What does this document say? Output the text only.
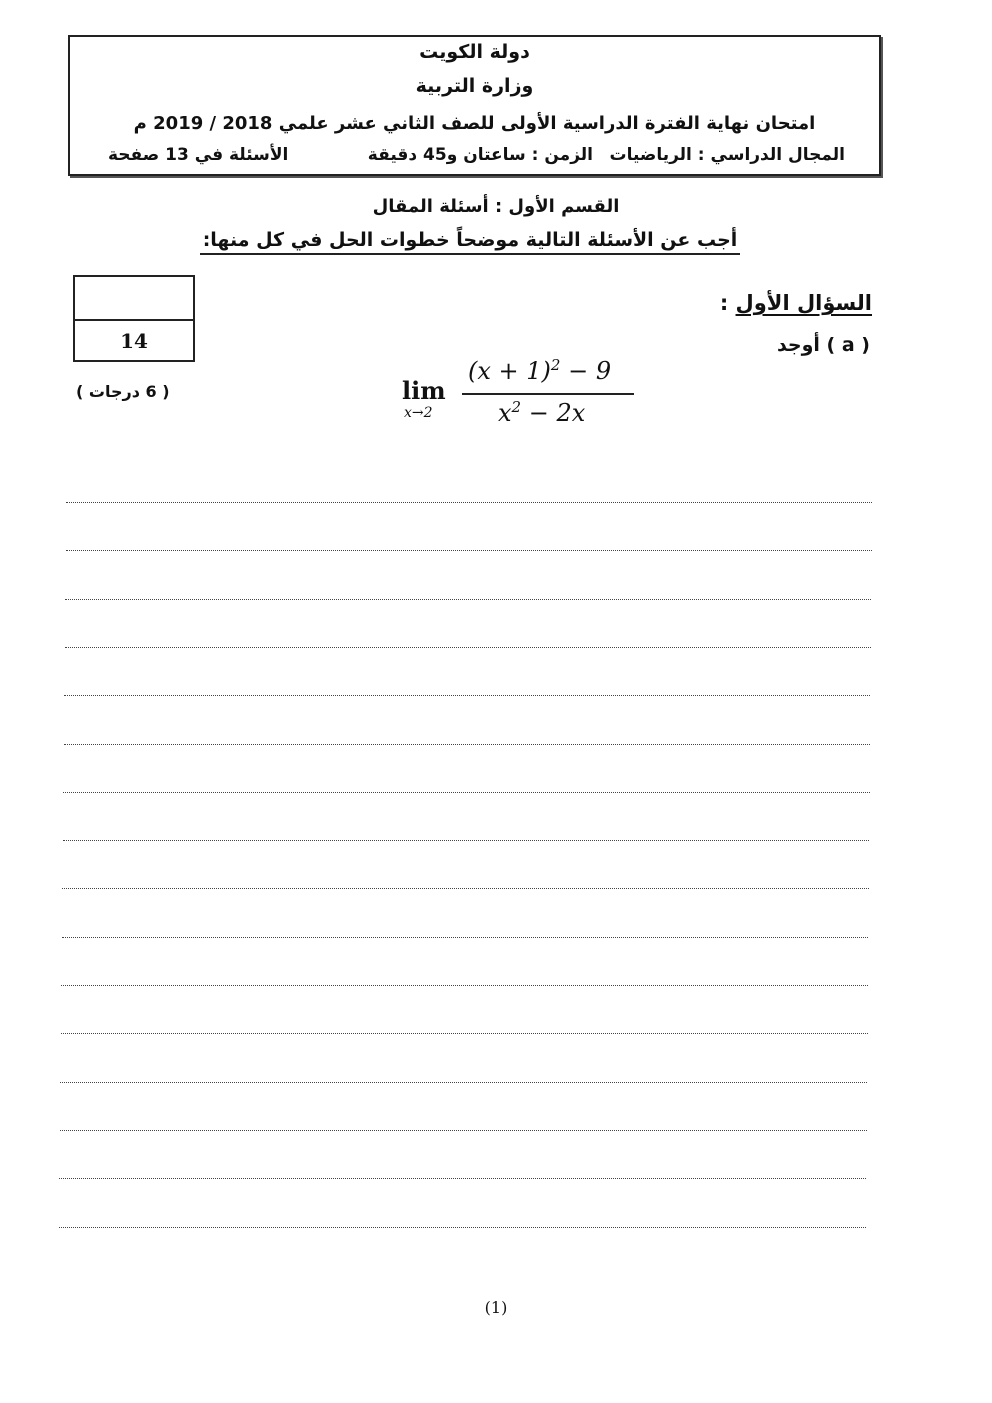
دولة الكويت
وزارة التربية
امتحان نهاية الفترة الدراسية الأولى للصف الثاني عشر علمي 2018 / 2019 م
المجال الدراسي : الرياضيات
الزمن : ساعتان و45 دقيقة
الأسئلة في 13 صفحة
القسم الأول : أسئلة المقال
أجب عن الأسئلة التالية موضحاً خطوات الحل في كل منها:
السؤال الأول :
( a ) أوجد
14
( 6 درجات )	lim
x→2
$(x + 1)^2 - 9$
$x^2 - 2x$
(1)
